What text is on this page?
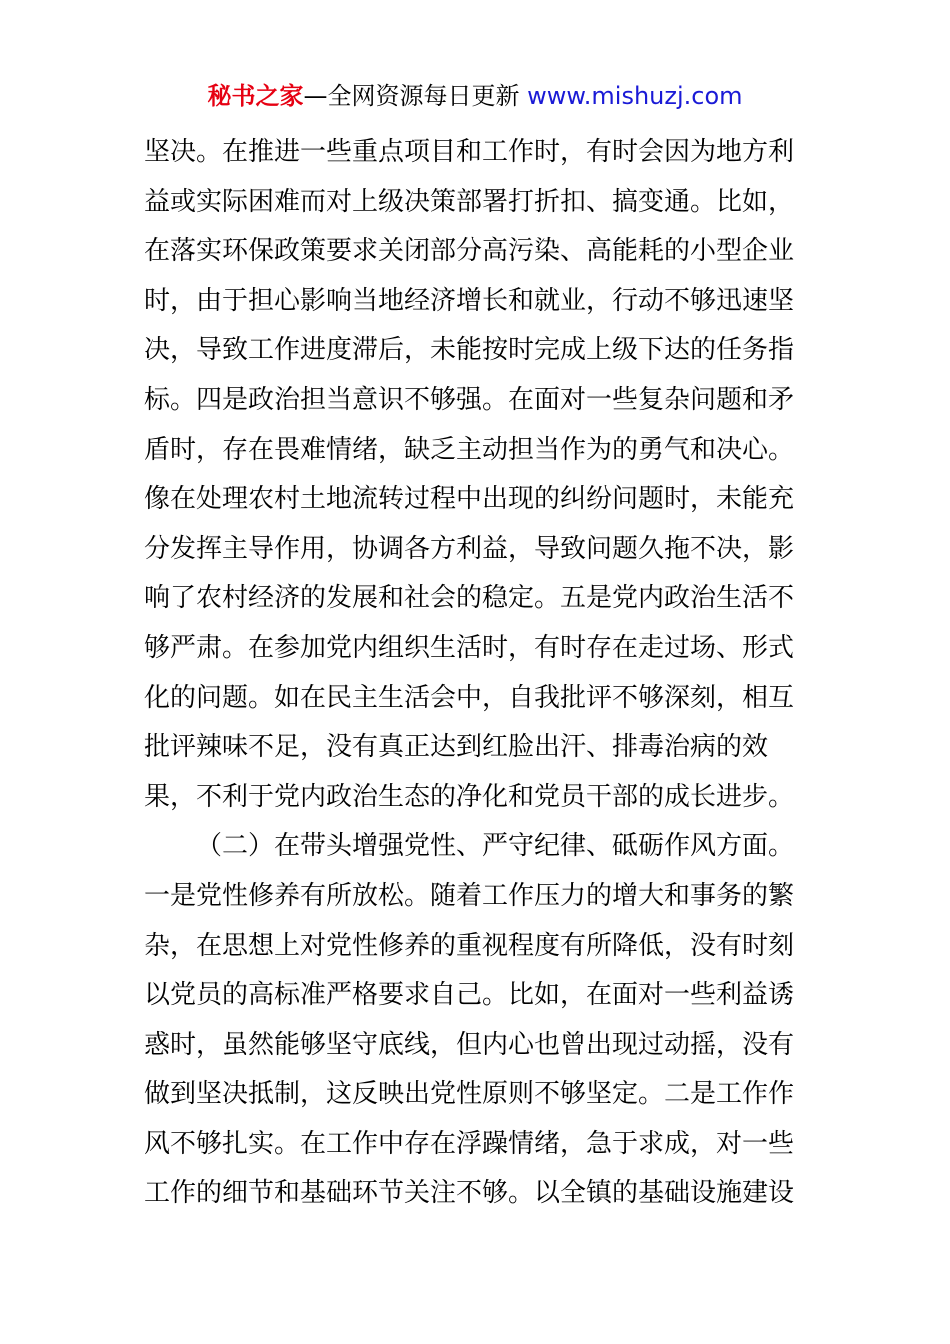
秘书之家—全网资源每日更新 www.mishuzj.com
坚决。在推进一些重点项目和工作时，有时会因为地方利
益或实际困难而对上级决策部署打折扣、搞变通。比如，
在落实环保政策要求关闭部分高污染、高能耗的小型企业
时，由于担心影响当地经济增长和就业，行动不够迅速坚
决，导致工作进度滞后，未能按时完成上级下达的任务指
标。四是政治担当意识不够强。在面对一些复杂问题和矛
盾时，存在畏难情绪，缺乏主动担当作为的勇气和决心。
像在处理农村土地流转过程中出现的纠纷问题时，未能充
分发挥主导作用，协调各方利益，导致问题久拖不决，影
响了农村经济的发展和社会的稳定。五是党内政治生活不
够严肃。在参加党内组织生活时，有时存在走过场、形式
化的问题。如在民主生活会中，自我批评不够深刻，相互
批评辣味不足，没有真正达到红脸出汗、排毒治病的效
果，不利于党内政治生态的净化和党员干部的成长进步。
（二）在带头增强党性、严守纪律、砥砺作风方面。
一是党性修养有所放松。随着工作压力的增大和事务的繁
杂，在思想上对党性修养的重视程度有所降低，没有时刻
以党员的高标准严格要求自己。比如，在面对一些利益诱
惑时，虽然能够坚守底线，但内心也曾出现过动摇，没有
做到坚决抵制，这反映出党性原则不够坚定。二是工作作
风不够扎实。在工作中存在浮躁情绪，急于求成，对一些
工作的细节和基础环节关注不够。以全镇的基础设施建设
